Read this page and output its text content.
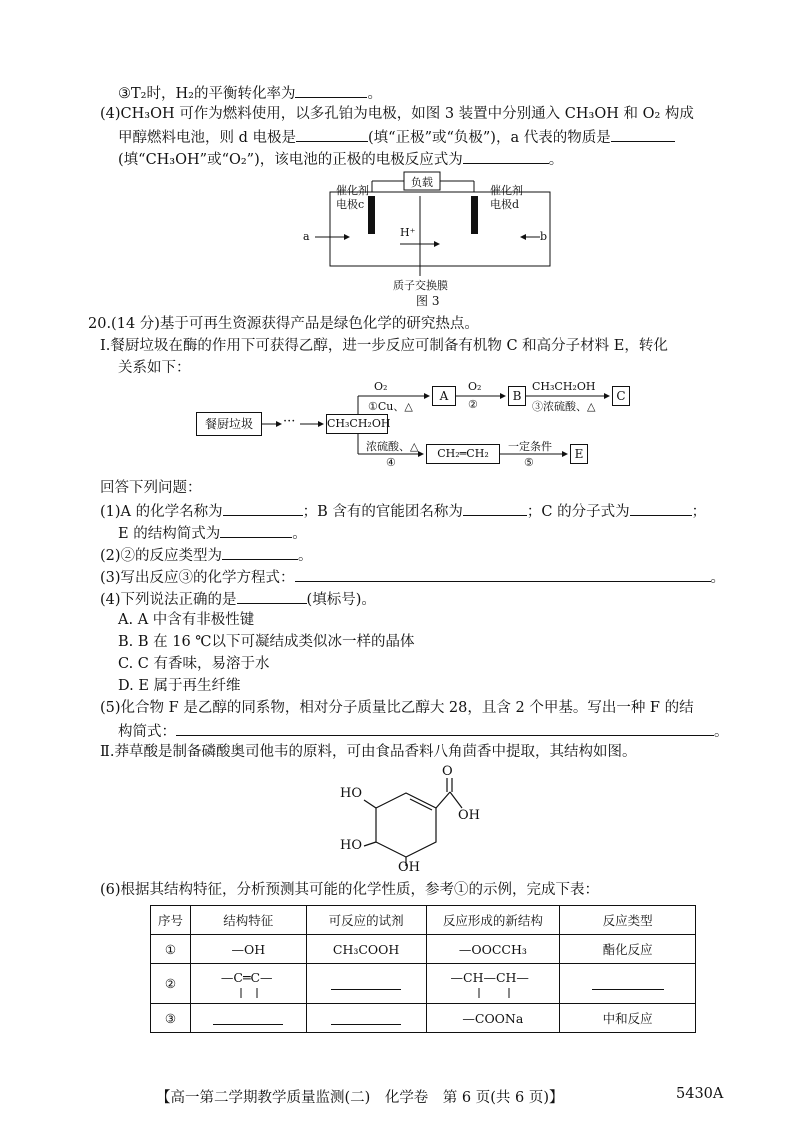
③T₂时，H₂的平衡转化率为	。
(4)CH₃OH 可作为燃料使用，以多孔铂为电极，如图 3 装置中分别通入 CH₃OH 和 O₂ 构成
甲醇燃料电池，则 d 电极是	(填“正极”或“负极”)，a 代表的物质是
(填“CH₃OH”或“O₂”)，该电池的正极的电极反应式为	。
负载
催化剂
电极c
催化剂
电极d
a	b
H⁺
质子交换膜
图 3
20.(14 分)基于可再生资源获得产品是绿色化学的研究热点。
Ⅰ.餐厨垃圾在酶的作用下可获得乙醇，进一步反应可制备有机物 C 和高分子材料 E，转化
关系如下：
餐厨垃圾	···	CH₃CH₂OH
O₂
①Cu、△
A
O₂
②
B
CH₃CH₂OH
③浓硫酸、△
C
浓硫酸、△
④
CH₂═CH₂
一定条件
⑤
E
回答下列问题：
(1)A 的化学名称为	；B 含有的官能团名称为	；C 的分子式为	；
E 的结构简式为	。
(2)②的反应类型为	。
(3)写出反应③的化学方程式：	。
(4)下列说法正确的是	(填标号)。
A. A 中含有非极性键
B. B 在 16 ℃以下可凝结成类似冰一样的晶体
C. C 有香味，易溶于水
D. E 属于再生纤维
(5)化合物 F 是乙醇的同系物，相对分子质量比乙醇大 28，且含 2 个甲基。写出一种 F 的结
构简式：	。
Ⅱ.莽草酸是制备磷酸奥司他韦的原料，可由食品香料八角茴香中提取，其结构如图。
O
HO
OH
HO
OH
(6)根据其结构特征，分析预测其可能的化学性质，参考①的示例，完成下表：
序号	结构特征	可反应的试剂	反应形成的新结构	反应类型
①	—OH	CH₃COOH	—OOCCH₃	酯化反应
②	—C═C—		—CH—CH—	

③			—COONa	中和反应
【高一第二学期教学质量监测(二)　化学卷　第 6 页(共 6 页)】	5430A
